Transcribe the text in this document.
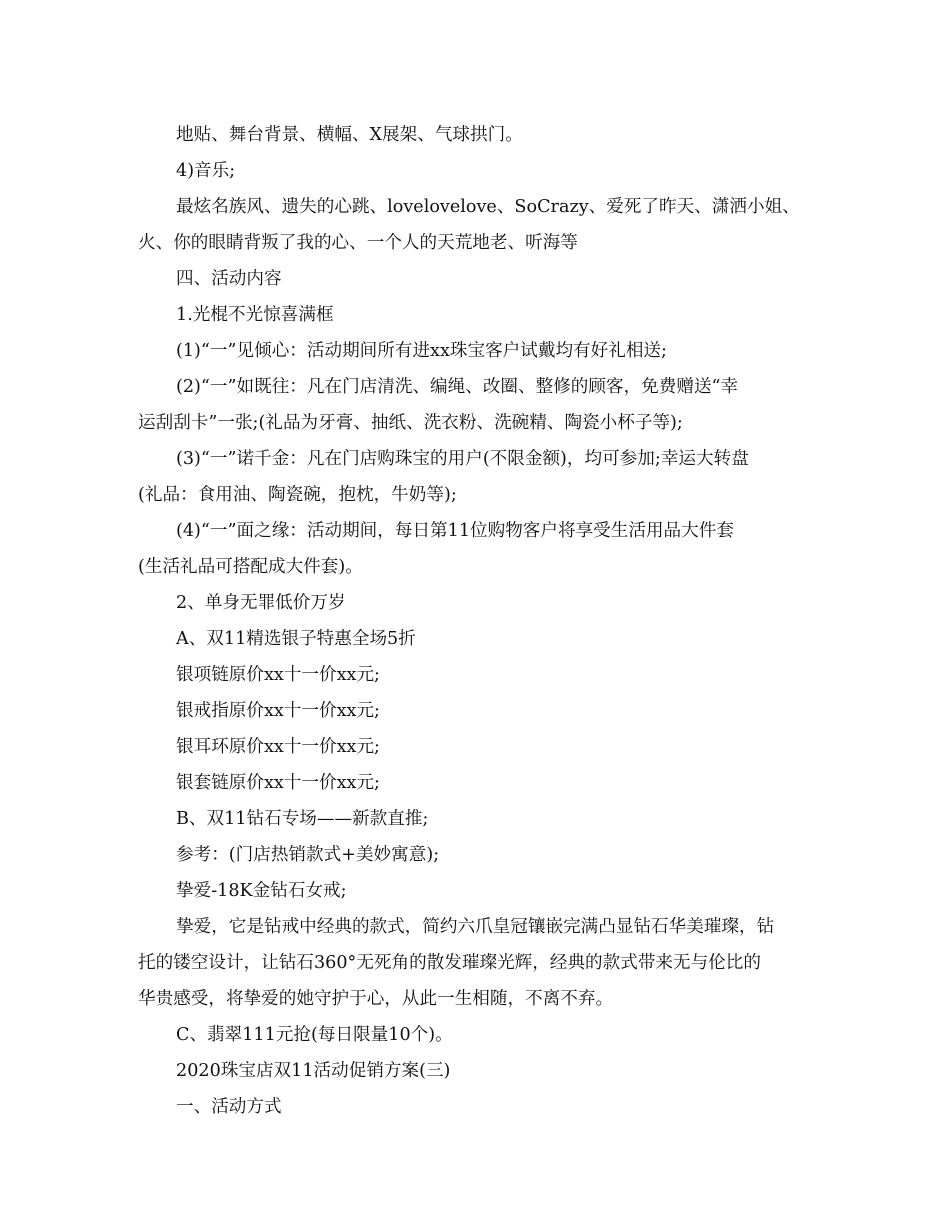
地贴、舞台背景、横幅、X展架、气球拱门。

4)音乐;

最炫名族风、遗失的心跳、lovelovelove、SoCrazy、爱死了昨天、潇洒小姐、

火、你的眼睛背叛了我的心、一个人的天荒地老、听海等

四、活动内容

1.光棍不光惊喜满框

(1)“一”见倾心：活动期间所有进xx珠宝客户试戴均有好礼相送;

(2)“一”如既往：凡在门店清洗、编绳、改圈、整修的顾客，免费赠送“幸

运刮刮卡”一张;(礼品为牙膏、抽纸、洗衣粉、洗碗精、陶瓷小杯子等);

(3)“一”诺千金：凡在门店购珠宝的用户(不限金额)，均可参加;幸运大转盘

(礼品：食用油、陶瓷碗，抱枕，牛奶等);

(4)“一”面之缘：活动期间，每日第11位购物客户将享受生活用品大件套

(生活礼品可搭配成大件套)。

2、单身无罪低价万岁

A、双11精选银子特惠全场5折

银项链原价xx十一价xx元;

银戒指原价xx十一价xx元;

银耳环原价xx十一价xx元;

银套链原价xx十一价xx元;

B、双11钻石专场——新款直推;

参考：(门店热销款式+美妙寓意);

挚爱-18K金钻石女戒;

挚爱，它是钻戒中经典的款式，简约六爪皇冠镶嵌完满凸显钻石华美璀璨，钻

托的镂空设计，让钻石360°无死角的散发璀璨光辉，经典的款式带来无与伦比的

华贵感受，将挚爱的她守护于心，从此一生相随，不离不弃。

C、翡翠111元抢(每日限量10个)。

2020珠宝店双11活动促销方案(三)

一、活动方式
